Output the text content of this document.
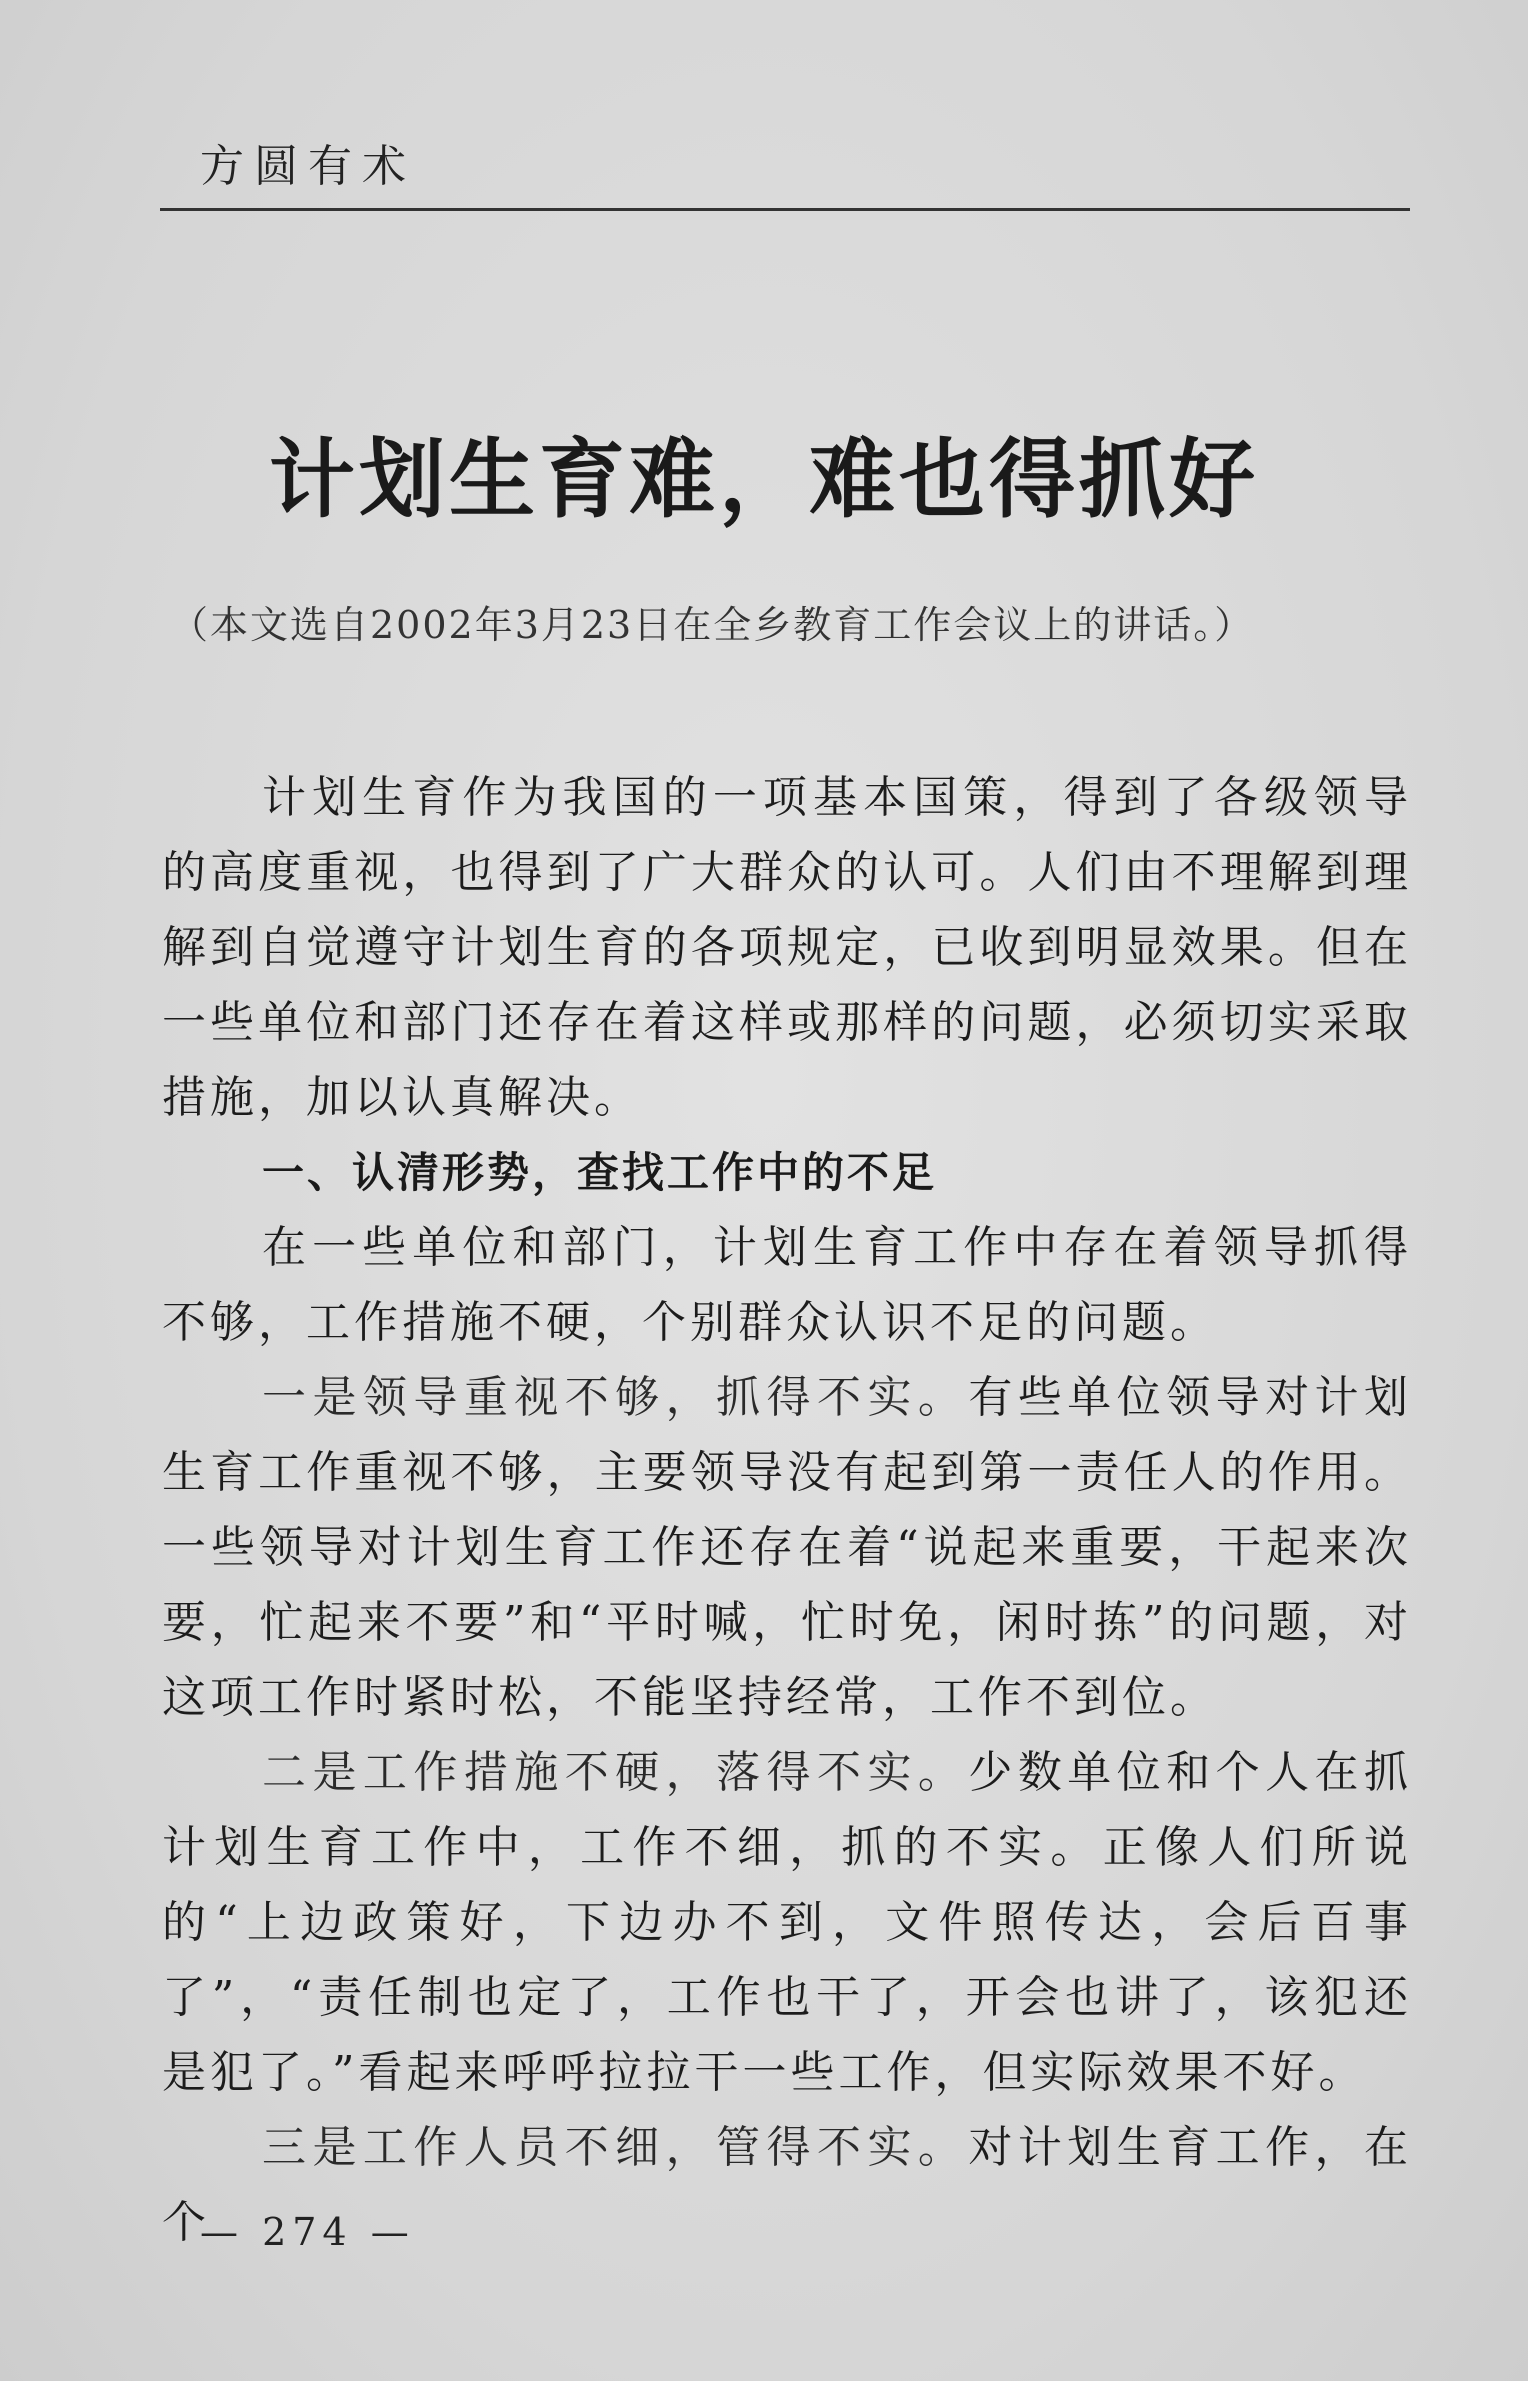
方圆有术
计划生育难，难也得抓好
（本文选自2002年3月23日在全乡教育工作会议上的讲话。）

计划生育作为我国的一项基本国策，得到了各级领导的高度重视，也得到了广大群众的认可。人们由不理解到理解到自觉遵守计划生育的各项规定，已收到明显效果。但在一些单位和部门还存在着这样或那样的问题，必须切实采取措施，加以认真解决。

一、认清形势，查找工作中的不足

在一些单位和部门，计划生育工作中存在着领导抓得不够，工作措施不硬，个别群众认识不足的问题。

一是领导重视不够，抓得不实。有些单位领导对计划生育工作重视不够，主要领导没有起到第一责任人的作用。一些领导对计划生育工作还存在着“说起来重要，干起来次要，忙起来不要”和“平时喊，忙时免，闲时拣”的问题，对这项工作时紧时松，不能坚持经常，工作不到位。

二是工作措施不硬，落得不实。少数单位和个人在抓计划生育工作中，工作不细，抓的不实。正像人们所说的“上边政策好，下边办不到，文件照传达，会后百事了”，“责任制也定了，工作也干了，开会也讲了，该犯还是犯了。”看起来呼呼拉拉干一些工作，但实际效果不好。

三是工作人员不细，管得不实。对计划生育工作，在个

— 274 —
